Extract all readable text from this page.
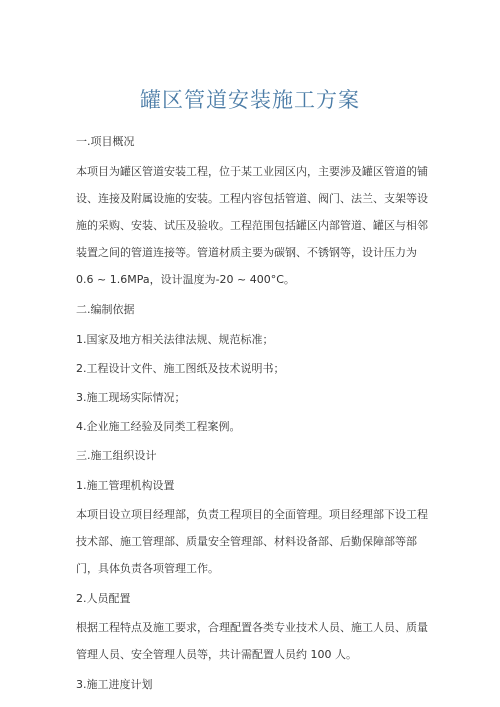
罐区管道安装施工方案

一.项目概况

本项目为罐区管道安装工程，位于某工业园区内，主要涉及罐区管道的铺设、连接及附属设施的安装。工程内容包括管道、阀门、法兰、支架等设施的采购、安装、试压及验收。工程范围包括罐区内部管道、罐区与相邻装置之间的管道连接等。管道材质主要为碳钢、不锈钢等，设计压力为 0.6 ~ 1.6MPa，设计温度为-20 ~ 400°C。

二.编制依据

1.国家及地方相关法律法规、规范标准；

2.工程设计文件、施工图纸及技术说明书；

3.施工现场实际情况；

4.企业施工经验及同类工程案例。

三.施工组织设计

1.施工管理机构设置

本项目设立项目经理部，负责工程项目的全面管理。项目经理部下设工程技术部、施工管理部、质量安全管理部、材料设备部、后勤保障部等部门，具体负责各项管理工作。

2.人员配置

根据工程特点及施工要求，合理配置各类专业技术人员、施工人员、质量管理人员、安全管理人员等，共计需配置人员约 100 人。

3.施工进度计划
